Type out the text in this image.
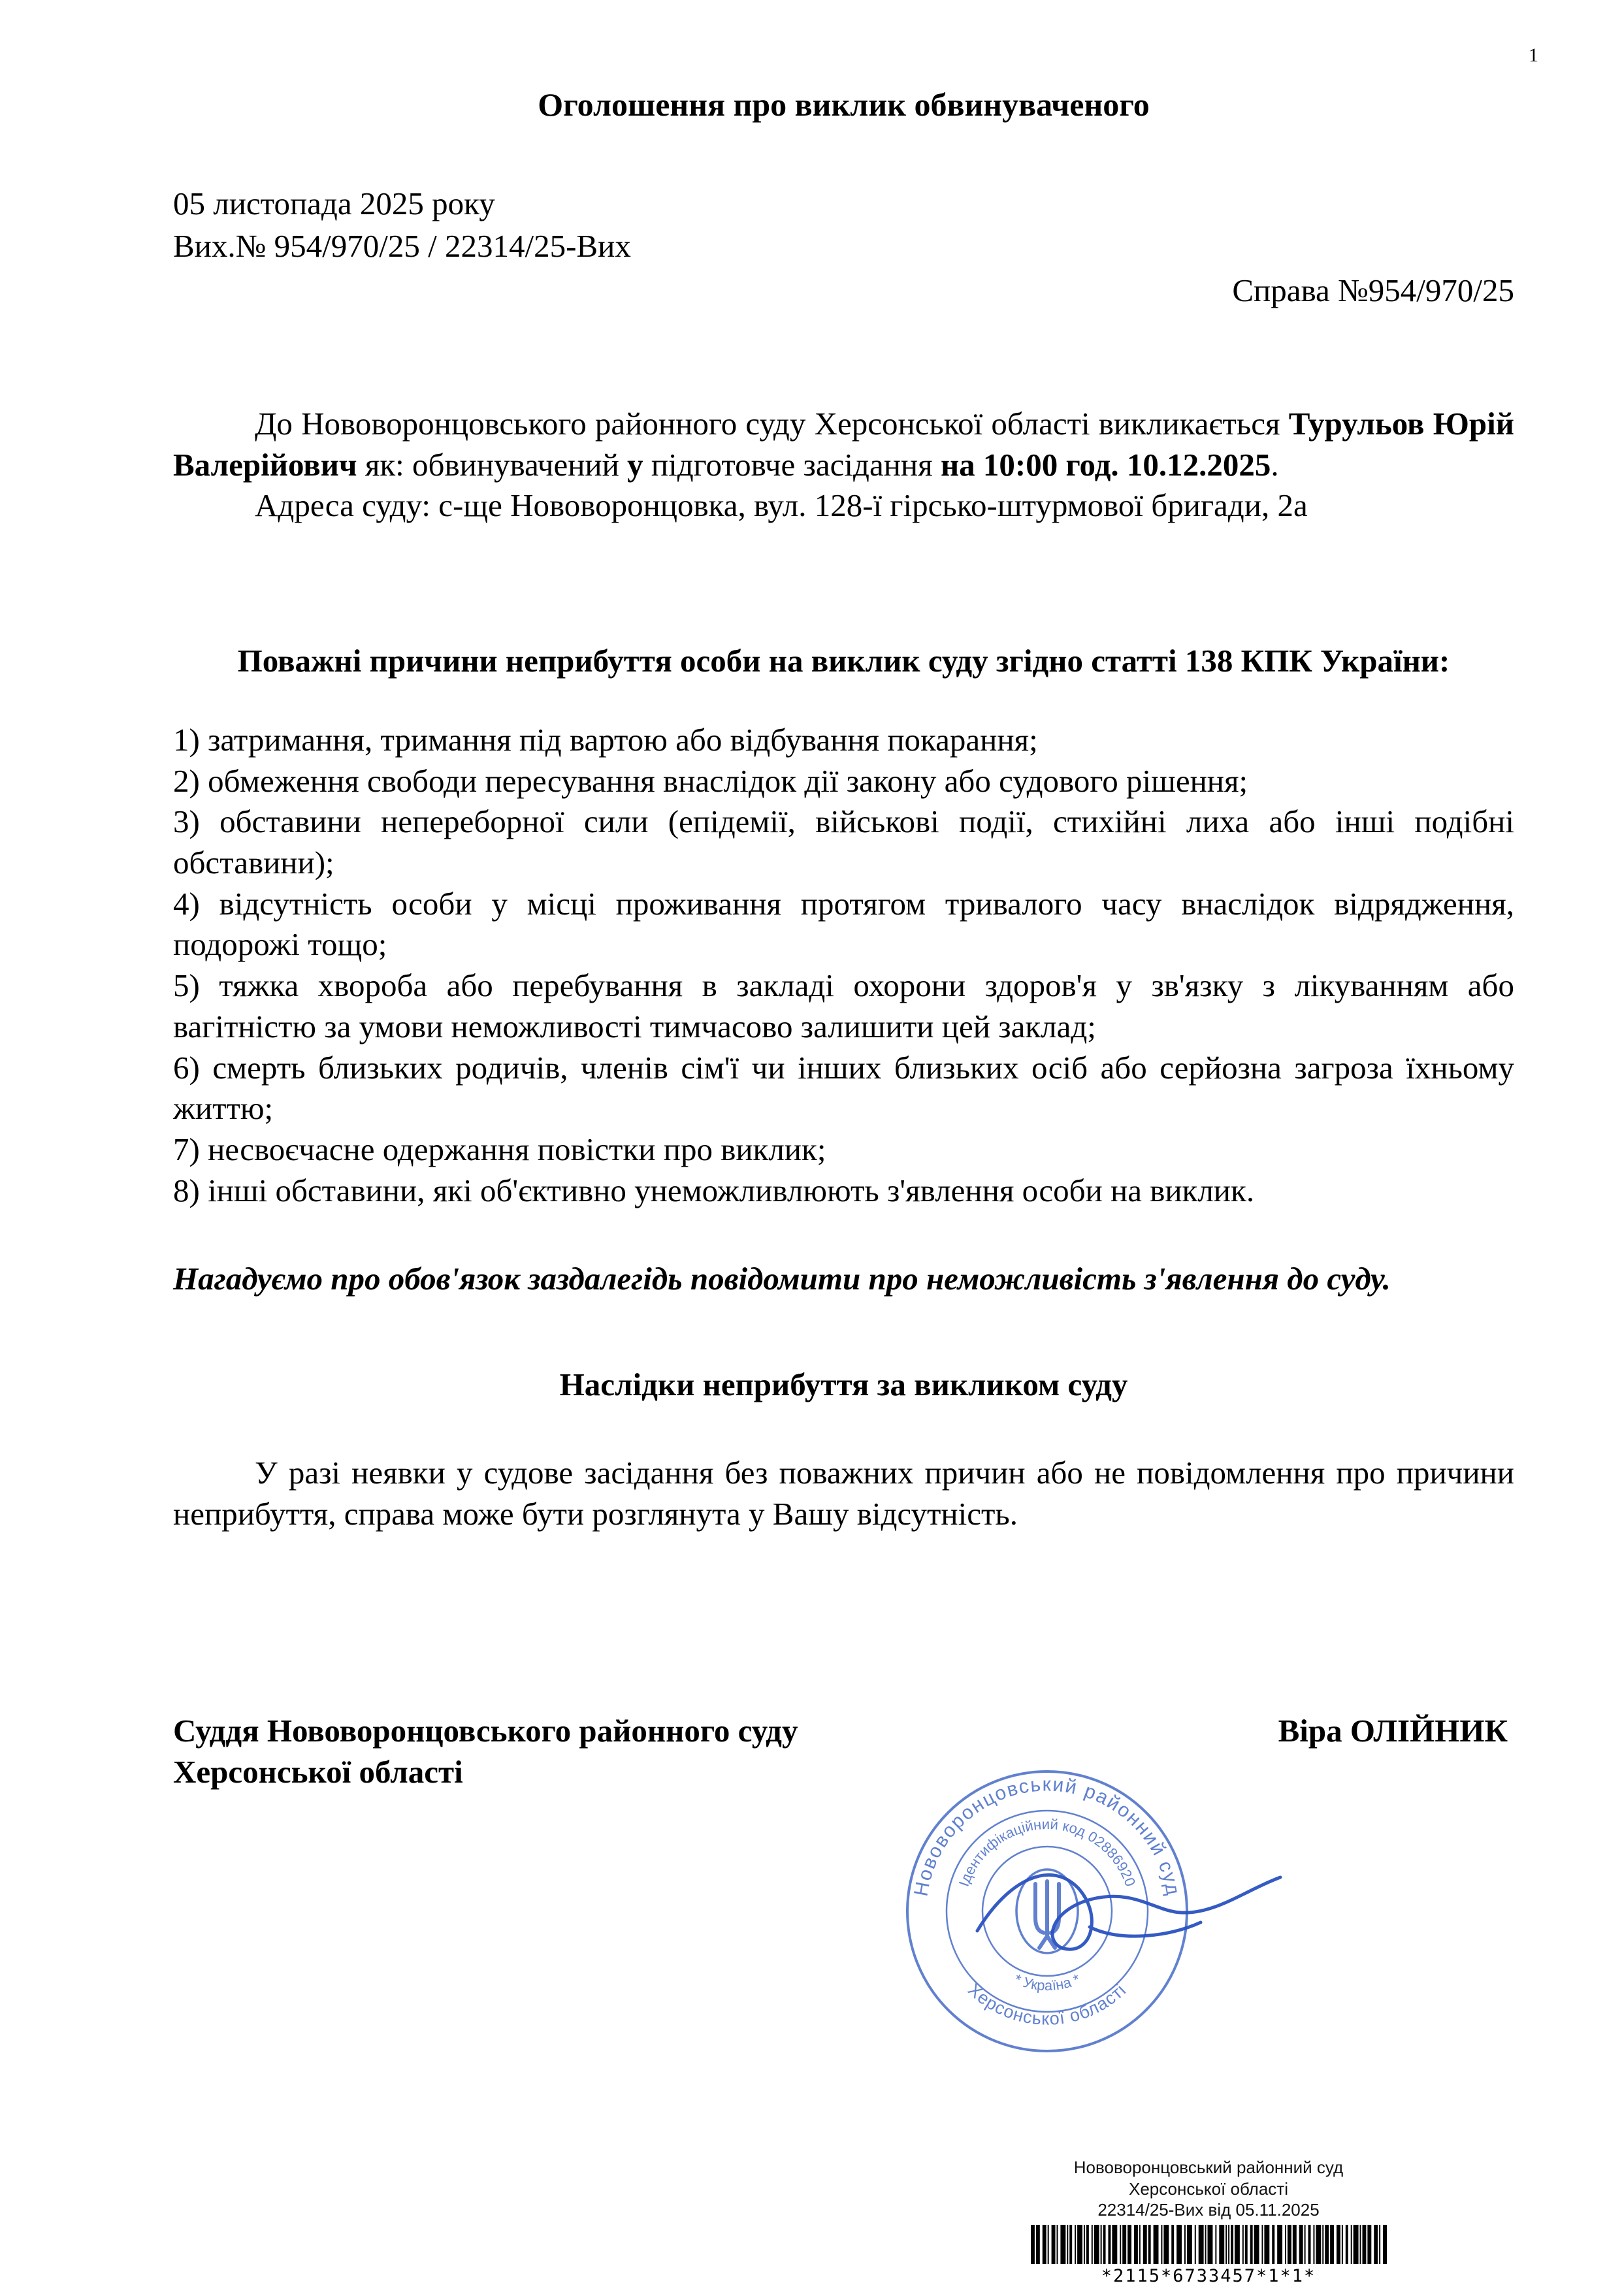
1
Оголошення про виклик обвинуваченого

05 листопада 2025 року

Вих.№ 954/970/25 / 22314/25-Вих

Справа №954/970/25

До Нововоронцовського районного суду Херсонської області викликається Турульов Юрій Валерійович як: обвинувачений у підготовче засідання на 10:00 год. 10.12.2025.

Адреса суду: с-ще Нововоронцовка, вул. 128-ї гірсько-штурмової бригади, 2а

Поважні причини неприбуття особи на виклик суду згідно статті 138 КПК України:

1) затримання, тримання під вартою або відбування покарання;

2) обмеження свободи пересування внаслідок дії закону або судового рішення;

3) обставини непереборної сили (епідемії, військові події, стихійні лиха або інші подібні обставини);

4) відсутність особи у місці проживання протягом тривалого часу внаслідок відрядження, подорожі тощо;

5) тяжка хвороба або перебування в закладі охорони здоров'я у зв'язку з лікуванням або вагітністю за умови неможливості тимчасово залишити цей заклад;

6) смерть близьких родичів, членів сім'ї чи інших близьких осіб або серйозна загроза їхньому життю;

7) несвоєчасне одержання повістки про виклик;

8) інші обставини, які об'єктивно унеможливлюють з'явлення особи на виклик.

Нагадуємо про обов'язок заздалегідь повідомити про неможливість з'явлення до суду.

Наслідки неприбуття за викликом суду

У разі неявки у судове засідання без поважних причин або не повідомлення про причини неприбуття, справа може бути розглянута у Вашу відсутність.

Суддя Нововоронцовського районного суду Херсонської області
Віра ОЛІЙНИК
Нововоронцовський районний суд
Херсонської області
Ідентифікаційний код 02886920
* Україна *
Нововоронцовський районний суд
Херсонської області
22314/25-Вих від 05.11.2025
*2115*6733457*1*1*
